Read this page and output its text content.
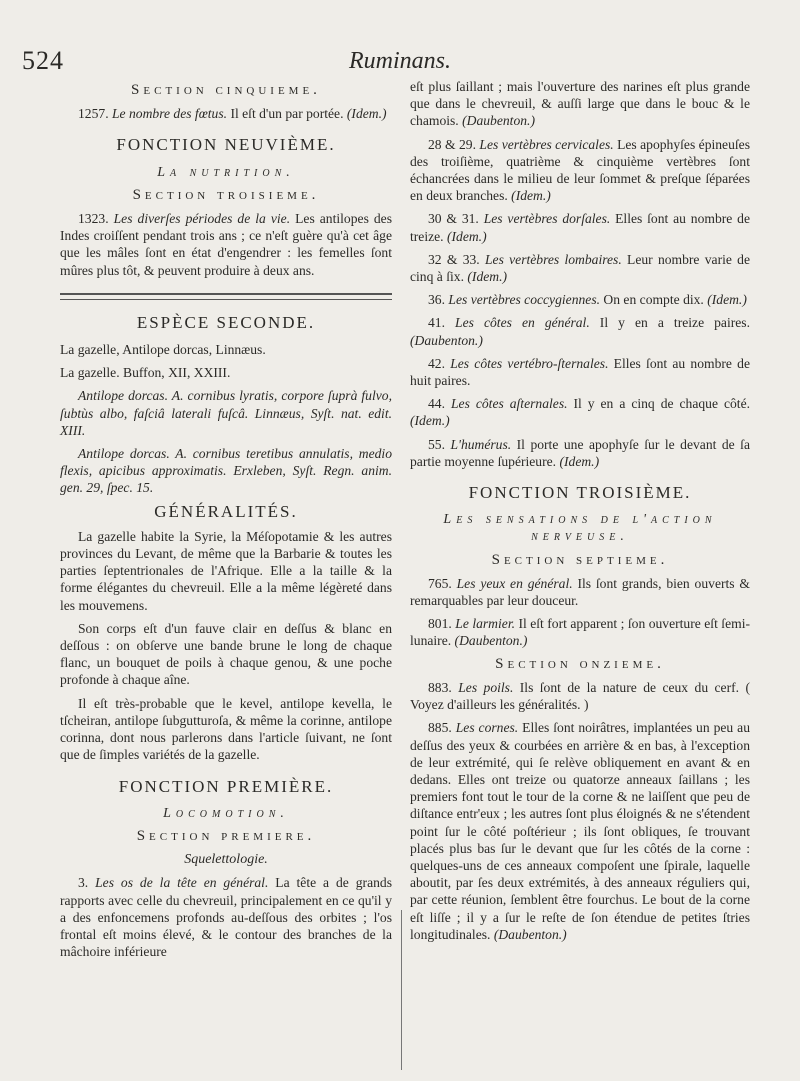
524	Ruminans.
Section cinquieme.

1257. Le nombre des fœtus. Il eſt d'un par portée. (Idem.)

FONCTION NEUVIÈME.
La nutrition.
Section troisieme.

1323. Les diverſes périodes de la vie. Les antilopes des Indes croiſſent pendant trois ans ; ce n'eſt guère qu'à cet âge que les mâles ſont en état d'engendrer : les femelles ſont mûres plus tôt, & peuvent produire à deux ans.

ESPÈCE SECONDE.

La gazelle, Antilope dorcas, Linnæus.

La gazelle. Buffon, XII, XXIII.

Antilope dorcas. A. cornibus lyratis, corpore ſuprà fulvo, ſubtùs albo, faſciâ laterali fuſcâ. Linnæus, Syſt. nat. edit. XIII.

Antilope dorcas. A. cornibus teretibus annulatis, medio flexis, apicibus approximatis. Erxleben, Syſt. Regn. anim. gen. 29, ſpec. 15.

GÉNÉRALITÉS.

La gazelle habite la Syrie, la Méſopotamie & les autres provinces du Levant, de même que la Barbarie & toutes les parties ſeptentrionales de l'Afrique. Elle a la taille & la forme élégantes du chevreuil. Elle a la même légèreté dans les mouvemens.

Son corps eſt d'un fauve clair en deſſus & blanc en deſſous : on obſerve une bande brune le long de chaque flanc, un bouquet de poils à chaque genou, & une poche profonde à chaque aîne.

Il eſt très-probable que le kevel, antilope kevella, le tſcheiran, antilope ſubgutturoſa, & même la corinne, antilope corinna, dont nous parlerons dans l'article ſuivant, ne ſont que de ſimples variétés de la gazelle.

FONCTION PREMIÈRE.
Locomotion.
Section premiere.
Squelettologie.

3. Les os de la tête en général. La tête a de grands rapports avec celle du chevreuil, principalement en ce qu'il y a des enfoncemens profonds au-deſſous des orbites ; l'os frontal eſt moins élevé, & le contour des branches de la mâchoire inférieure

eſt plus ſaillant ; mais l'ouverture des narines eſt plus grande que dans le chevreuil, & auſſi large que dans le bouc & le chamois. (Daubenton.)

28 & 29. Les vertèbres cervicales. Les apophyſes épineuſes des troiſième, quatrième & cinquième vertèbres ſont échancrées dans le milieu de leur ſommet & preſque ſéparées en deux branches. (Idem.)

30 & 31. Les vertèbres dorſales. Elles ſont au nombre de treize. (Idem.)

32 & 33. Les vertèbres lombaires. Leur nombre varie de cinq à ſix. (Idem.)

36. Les vertèbres coccygiennes. On en compte dix. (Idem.)

41. Les côtes en général. Il y en a treize paires. (Daubenton.)

42. Les côtes vertébro-ſternales. Elles ſont au nombre de huit paires.

44. Les côtes aſternales. Il y en a cinq de chaque côté. (Idem.)

55. L'humérus. Il porte une apophyſe ſur le devant de ſa partie moyenne ſupérieure. (Idem.)

FONCTION TROISIÈME.
Les sensations de l'action nerveuse.
Section septieme.

765. Les yeux en général. Ils ſont grands, bien ouverts & remarquables par leur douceur.

801. Le larmier. Il eſt fort apparent ; ſon ouverture eſt ſemi-lunaire. (Daubenton.)

Section onzieme.

883. Les poils. Ils ſont de la nature de ceux du cerf. ( Voyez d'ailleurs les généralités. )

885. Les cornes. Elles ſont noirâtres, implantées un peu au deſſus des yeux & courbées en arrière & en bas, à l'exception de leur extrémité, qui ſe relève obliquement en avant & en dedans. Elles ont treize ou quatorze anneaux ſaillans ; les premiers font tout le tour de la corne & ne laiſſent que peu de diſtance entr'eux ; les autres ſont plus éloignés & ne s'étendent point ſur le côté poſtérieur ; ils ſont obliques, ſe trouvant placés plus bas ſur le devant que ſur les côtés de la corne : quelques-uns de ces anneaux compoſent une ſpirale, laquelle aboutit, par ſes deux extrémités, à des anneaux réguliers qui, par cette réunion, ſemblent être fourchus. Le bout de la corne eſt liſſe ; il y a ſur le reſte de ſon étendue de petites ſtries longitudinales. (Daubenton.)
